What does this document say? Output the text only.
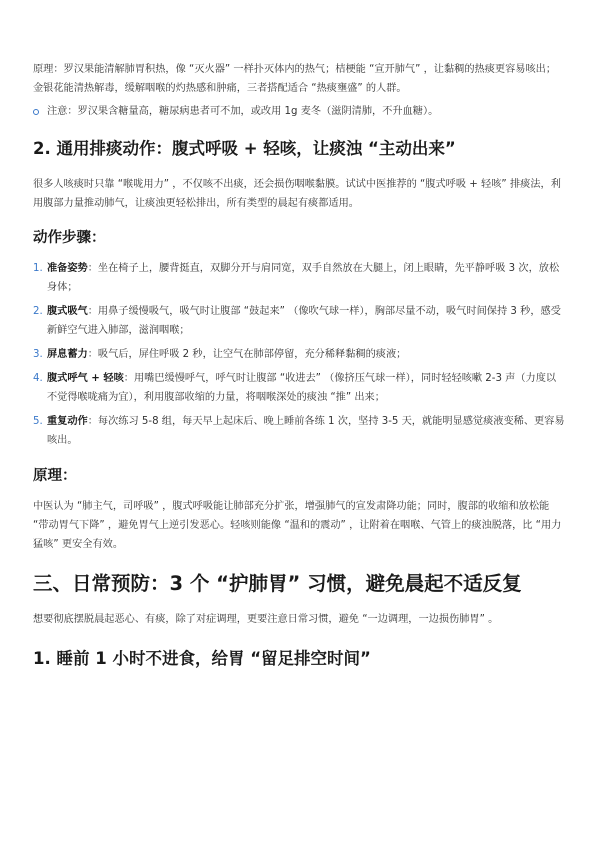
原理：罗汉果能清解肺胃积热，像 “灭火器” 一样扑灭体内的热气；桔梗能 “宣开肺气” ，让黏稠的热痰更容易咳出；金银花能清热解毒，缓解咽喉的灼热感和肿痛，三者搭配适合 “热痰壅盛” 的人群。

注意：罗汉果含糖量高，糖尿病患者可不加，或改用 1g 麦冬（滋阴清肺，不升血糖）。

2. 通用排痰动作：腹式呼吸 + 轻咳，让痰浊 “主动出来”

很多人咳痰时只靠 “喉咙用力” ，不仅咳不出痰，还会损伤咽喉黏膜。试试中医推荐的 “腹式呼吸 + 轻咳” 排痰法，利用腹部力量推动肺气，让痰浊更轻松排出，所有类型的晨起有痰都适用。

动作步骤：
1. 准备姿势：坐在椅子上，腰背挺直，双脚分开与肩同宽，双手自然放在大腿上，闭上眼睛，先平静呼吸 3 次，放松身体；
2. 腹式吸气：用鼻子缓慢吸气，吸气时让腹部 “鼓起来” （像吹气球一样），胸部尽量不动，吸气时间保持 3 秒，感受新鲜空气进入肺部，滋润咽喉；
3. 屏息蓄力：吸气后，屏住呼吸 2 秒，让空气在肺部停留，充分稀释黏稠的痰液；
4. 腹式呼气 + 轻咳：用嘴巴缓慢呼气，呼气时让腹部 “收进去” （像挤压气球一样），同时轻轻咳嗽 2-3 声（力度以不觉得喉咙痛为宜），利用腹部收缩的力量，将咽喉深处的痰浊 “推” 出来；
5. 重复动作：每次练习 5-8 组，每天早上起床后、晚上睡前各练 1 次，坚持 3-5 天，就能明显感觉痰液变稀、更容易咳出。
原理：

中医认为 “肺主气，司呼吸” ，腹式呼吸能让肺部充分扩张，增强肺气的宣发肃降功能；同时，腹部的收缩和放松能 “带动胃气下降” ，避免胃气上逆引发恶心。轻咳则能像 “温和的震动” ，让附着在咽喉、气管上的痰浊脱落，比 “用力猛咳” 更安全有效。

三、日常预防：3 个 “护肺胃” 习惯，避免晨起不适反复

想要彻底摆脱晨起恶心、有痰，除了对症调理，更要注意日常习惯，避免 “一边调理，一边损伤肺胃” 。

1. 睡前 1 小时不进食，给胃 “留足排空时间”
